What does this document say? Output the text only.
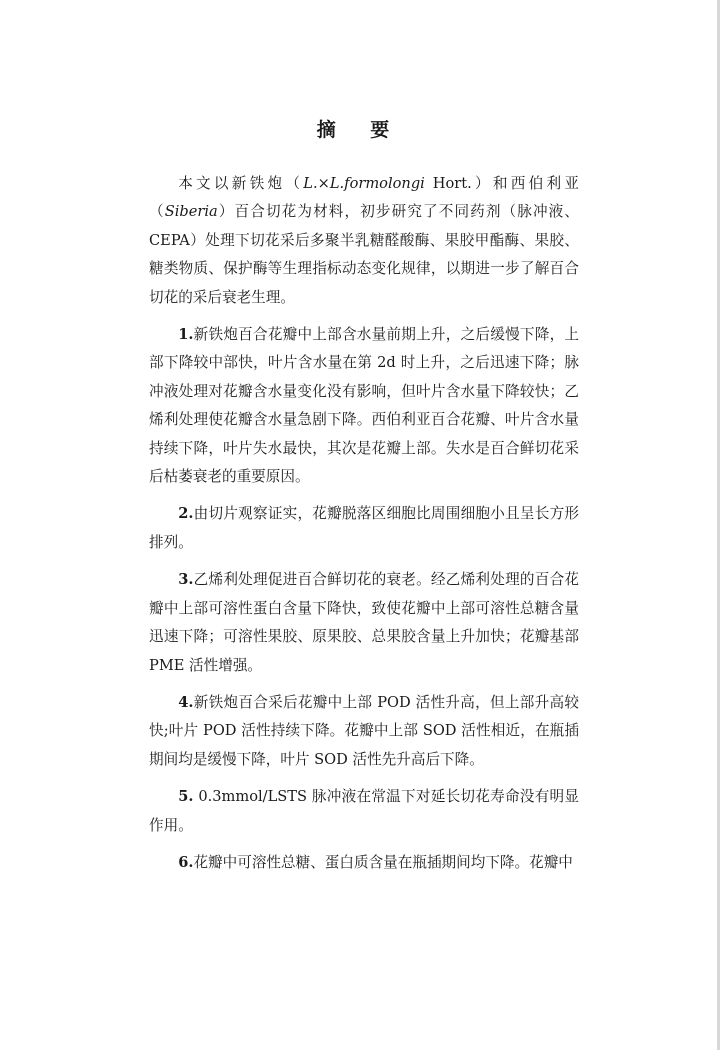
摘 要

本文以新铁炮（L.×L.formolongi Hort.）和西伯利亚（Siberia）百合切花为材料，初步研究了不同药剂（脉冲液、CEPA）处理下切花采后多聚半乳糖醛酸酶、果胶甲酯酶、果胶、糖类物质、保护酶等生理指标动态变化规律，以期进一步了解百合切花的采后衰老生理。

1.新铁炮百合花瓣中上部含水量前期上升，之后缓慢下降，上部下降较中部快，叶片含水量在第 2d 时上升，之后迅速下降；脉冲液处理对花瓣含水量变化没有影响，但叶片含水量下降较快；乙烯利处理使花瓣含水量急剧下降。西伯利亚百合花瓣、叶片含水量持续下降，叶片失水最快，其次是花瓣上部。失水是百合鲜切花采后枯萎衰老的重要原因。

2.由切片观察证实，花瓣脱落区细胞比周围细胞小且呈长方形排列。

3.乙烯利处理促进百合鲜切花的衰老。经乙烯利处理的百合花瓣中上部可溶性蛋白含量下降快，致使花瓣中上部可溶性总糖含量迅速下降；可溶性果胶、原果胶、总果胶含量上升加快；花瓣基部 PME 活性增强。

4.新铁炮百合采后花瓣中上部 POD 活性升高，但上部升高较快;叶片 POD 活性持续下降。花瓣中上部 SOD 活性相近，在瓶插期间均是缓慢下降，叶片 SOD 活性先升高后下降。

5. 0.3mmol/LSTS 脉冲液在常温下对延长切花寿命没有明显作用。

6.花瓣中可溶性总糖、蛋白质含量在瓶插期间均下降。花瓣中
